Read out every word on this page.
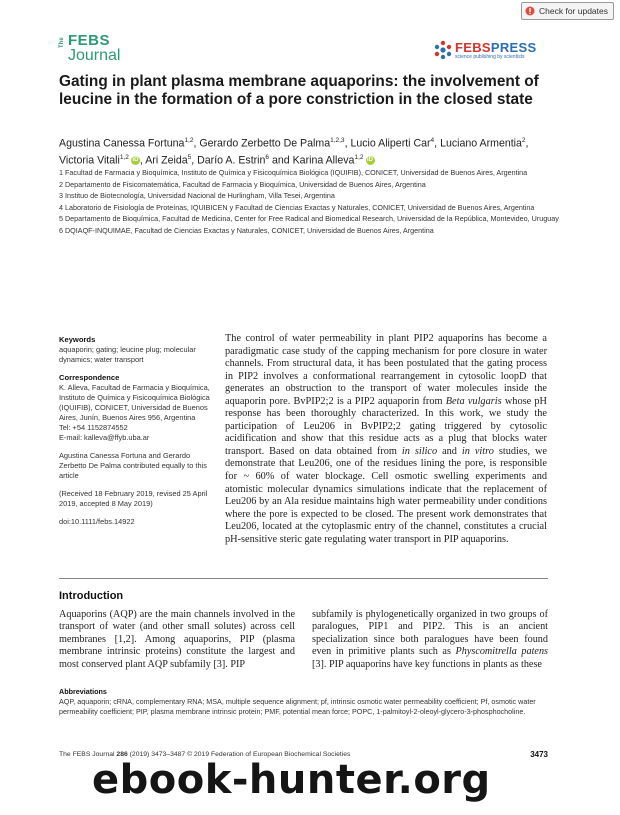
Check for updates
The FEBS
Journal	FEBSPRESS
science publishing by scientists
Gating in plant plasma membrane aquaporins: the involvement of leucine in the formation of a pore constriction in the closed state
Agustina Canessa Fortuna$^{1,2}$, Gerardo Zerbetto De Palma$^{1,2,3}$, Lucio Aliperti Car$^4$, Luciano Armentia$^2$, Victoria Vitali$^{1,2}$ iD , Ari Zeida$^5$, Darío A. Estrin$^6$ and Karina Alleva$^{1,2}$ iD
1 Facultad de Farmacia y Bioquímica, Instituto de Química y Fisicoquímica Biológica (IQUIFIB), CONICET, Universidad de Buenos Aires, Argentina
2 Departamento de Fisicomatemática, Facultad de Farmacia y Bioquímica, Universidad de Buenos Aires, Argentina
3 Instituo de Biotecnología, Universidad Nacional de Hurlingham, Villa Tesei, Argentina
4 Laboratorio de Fisiología de Proteínas, IQUIBICEN y Facultad de Ciencias Exactas y Naturales, CONICET, Universidad de Buenos Aires, Argentina
5 Departamento de Bioquímica, Facultad de Medicina, Center for Free Radical and Biomedical Research, Universidad de la República, Montevideo, Uruguay
6 DQIAQF-INQUIMAE, Facultad de Ciencias Exactas y Naturales, CONICET, Universidad de Buenos Aires, Argentina

Keywords

aquaporin; gating; leucine plug; molecular dynamics; water transport

Correspondence

K. Alleva, Facultad de Farmacia y Bioquímica, Instituto de Química y Fisicoquímica Biológica (IQUIFIB), CONICET, Universidad de Buenos Aires, Junín, Buenos Aires 956, Argentina

Tel: +54 1152874552

E-mail: kalleva@ffyb.uba.ar

Agustina Canessa Fortuna and Gerardo Zerbetto De Palma contributed equally to this article

(Received 18 February 2019, revised 25 April 2019, accepted 8 May 2019)

doi:10.1111/febs.14922

The control of water permeability in plant PIP2 aquaporins has become a paradigmatic case study of the capping mechanism for pore closure in water channels. From structural data, it has been postulated that the gating process in PIP2 involves a conformational rearrangement in cytosolic loopD that generates an obstruction to the transport of water molecules inside the aquaporin pore. BvPIP2;2 is a PIP2 aquaporin from Beta vulgaris whose pH response has been thoroughly characterized. In this work, we study the participation of Leu206 in BvPIP2;2 gating triggered by cytosolic acidification and show that this residue acts as a plug that blocks water transport. Based on data obtained from in silico and in vitro studies, we demonstrate that Leu206, one of the residues lining the pore, is responsible for ~ 60% of water blockage. Cell osmotic swelling experiments and atomistic molecular dynamics simulations indicate that the replacement of Leu206 by an Ala residue maintains high water permeability under conditions where the pore is expected to be closed. The present work demonstrates that Leu206, located at the cytoplasmic entry of the channel, constitutes a crucial pH-sensitive steric gate regulating water transport in PIP aquaporins.
Introduction
Aquaporins (AQP) are the main channels involved in the transport of water (and other small solutes) across cell membranes [1,2]. Among aquaporins, PIP (plasma membrane intrinsic proteins) constitute the largest and most conserved plant AQP subfamily [3]. PIP
subfamily is phylogenetically organized in two groups of paralogues, PIP1 and PIP2. This is an ancient specialization since both paralogues have been found even in primitive plants such as Physcomitrella patens [3]. PIP aquaporins have key functions in plants as these
Abbreviations
AQP, aquaporin; cRNA, complementary RNA; MSA, multiple sequence alignment; pf, intrinsic osmotic water permeability coefficient; Pf, osmotic water permeability coefficient; PIP, plasma membrane intrinsic protein; PMF, potential mean force; POPC, 1-palmitoyl-2-oleoyl-glycero-3-phosphocholine.
The FEBS Journal 286 (2019) 3473–3487 © 2019 Federation of European Biochemical Societies	3473
ebook-hunter.org
